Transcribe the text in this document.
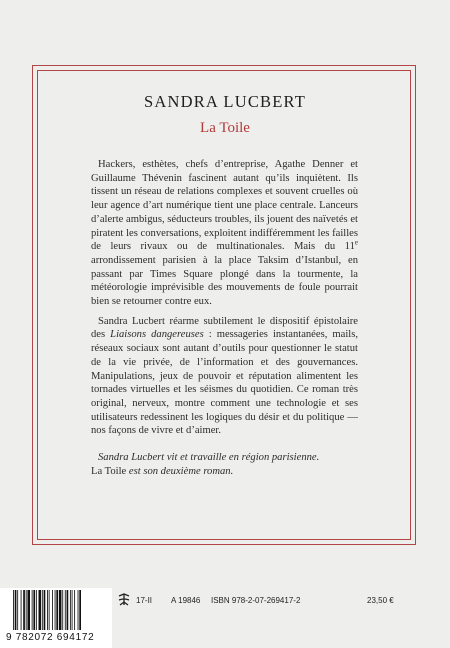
SANDRA LUCBERT
La Toile

Hackers, esthètes, chefs d’entreprise, Agathe Denner et Guillaume Thévenin fascinent autant qu’ils inquiètent. Ils tissent un réseau de relations complexes et souvent cruelles où leur agence d’art numérique tient une place centrale. Lanceurs d’alerte ambigus, séducteurs troubles, ils jouent des naïvetés et piratent les conversations, exploitent indifféremment les failles de leurs rivaux ou de multinationales. Mais du 11e arrondissement parisien à la place Taksim d’Istanbul, en passant par Times Square plongé dans la tourmente, la météorologie imprévisible des mouvements de foule pourrait bien se retourner contre eux.

Sandra Lucbert réarme subtilement le dispositif épistolaire des Liaisons dangereuses : messageries instantanées, mails, réseaux sociaux sont autant d’outils pour questionner le statut de la vie privée, de l’information et des gouvernances. Manipulations, jeux de pouvoir et réputation alimentent les tornades virtuelles et les séismes du quotidien. Ce roman très original, nerveux, montre comment une technologie et ses utilisateurs redessinent les logiques du désir et du politique — nos façons de vivre et d’aimer.

Sandra Lucbert vit et travaille en région parisienne.

La Toile est son deuxième roman.

9 782072 694172
17-II A 19846 ISBN 978-2-07-269417-2	23,50 €
